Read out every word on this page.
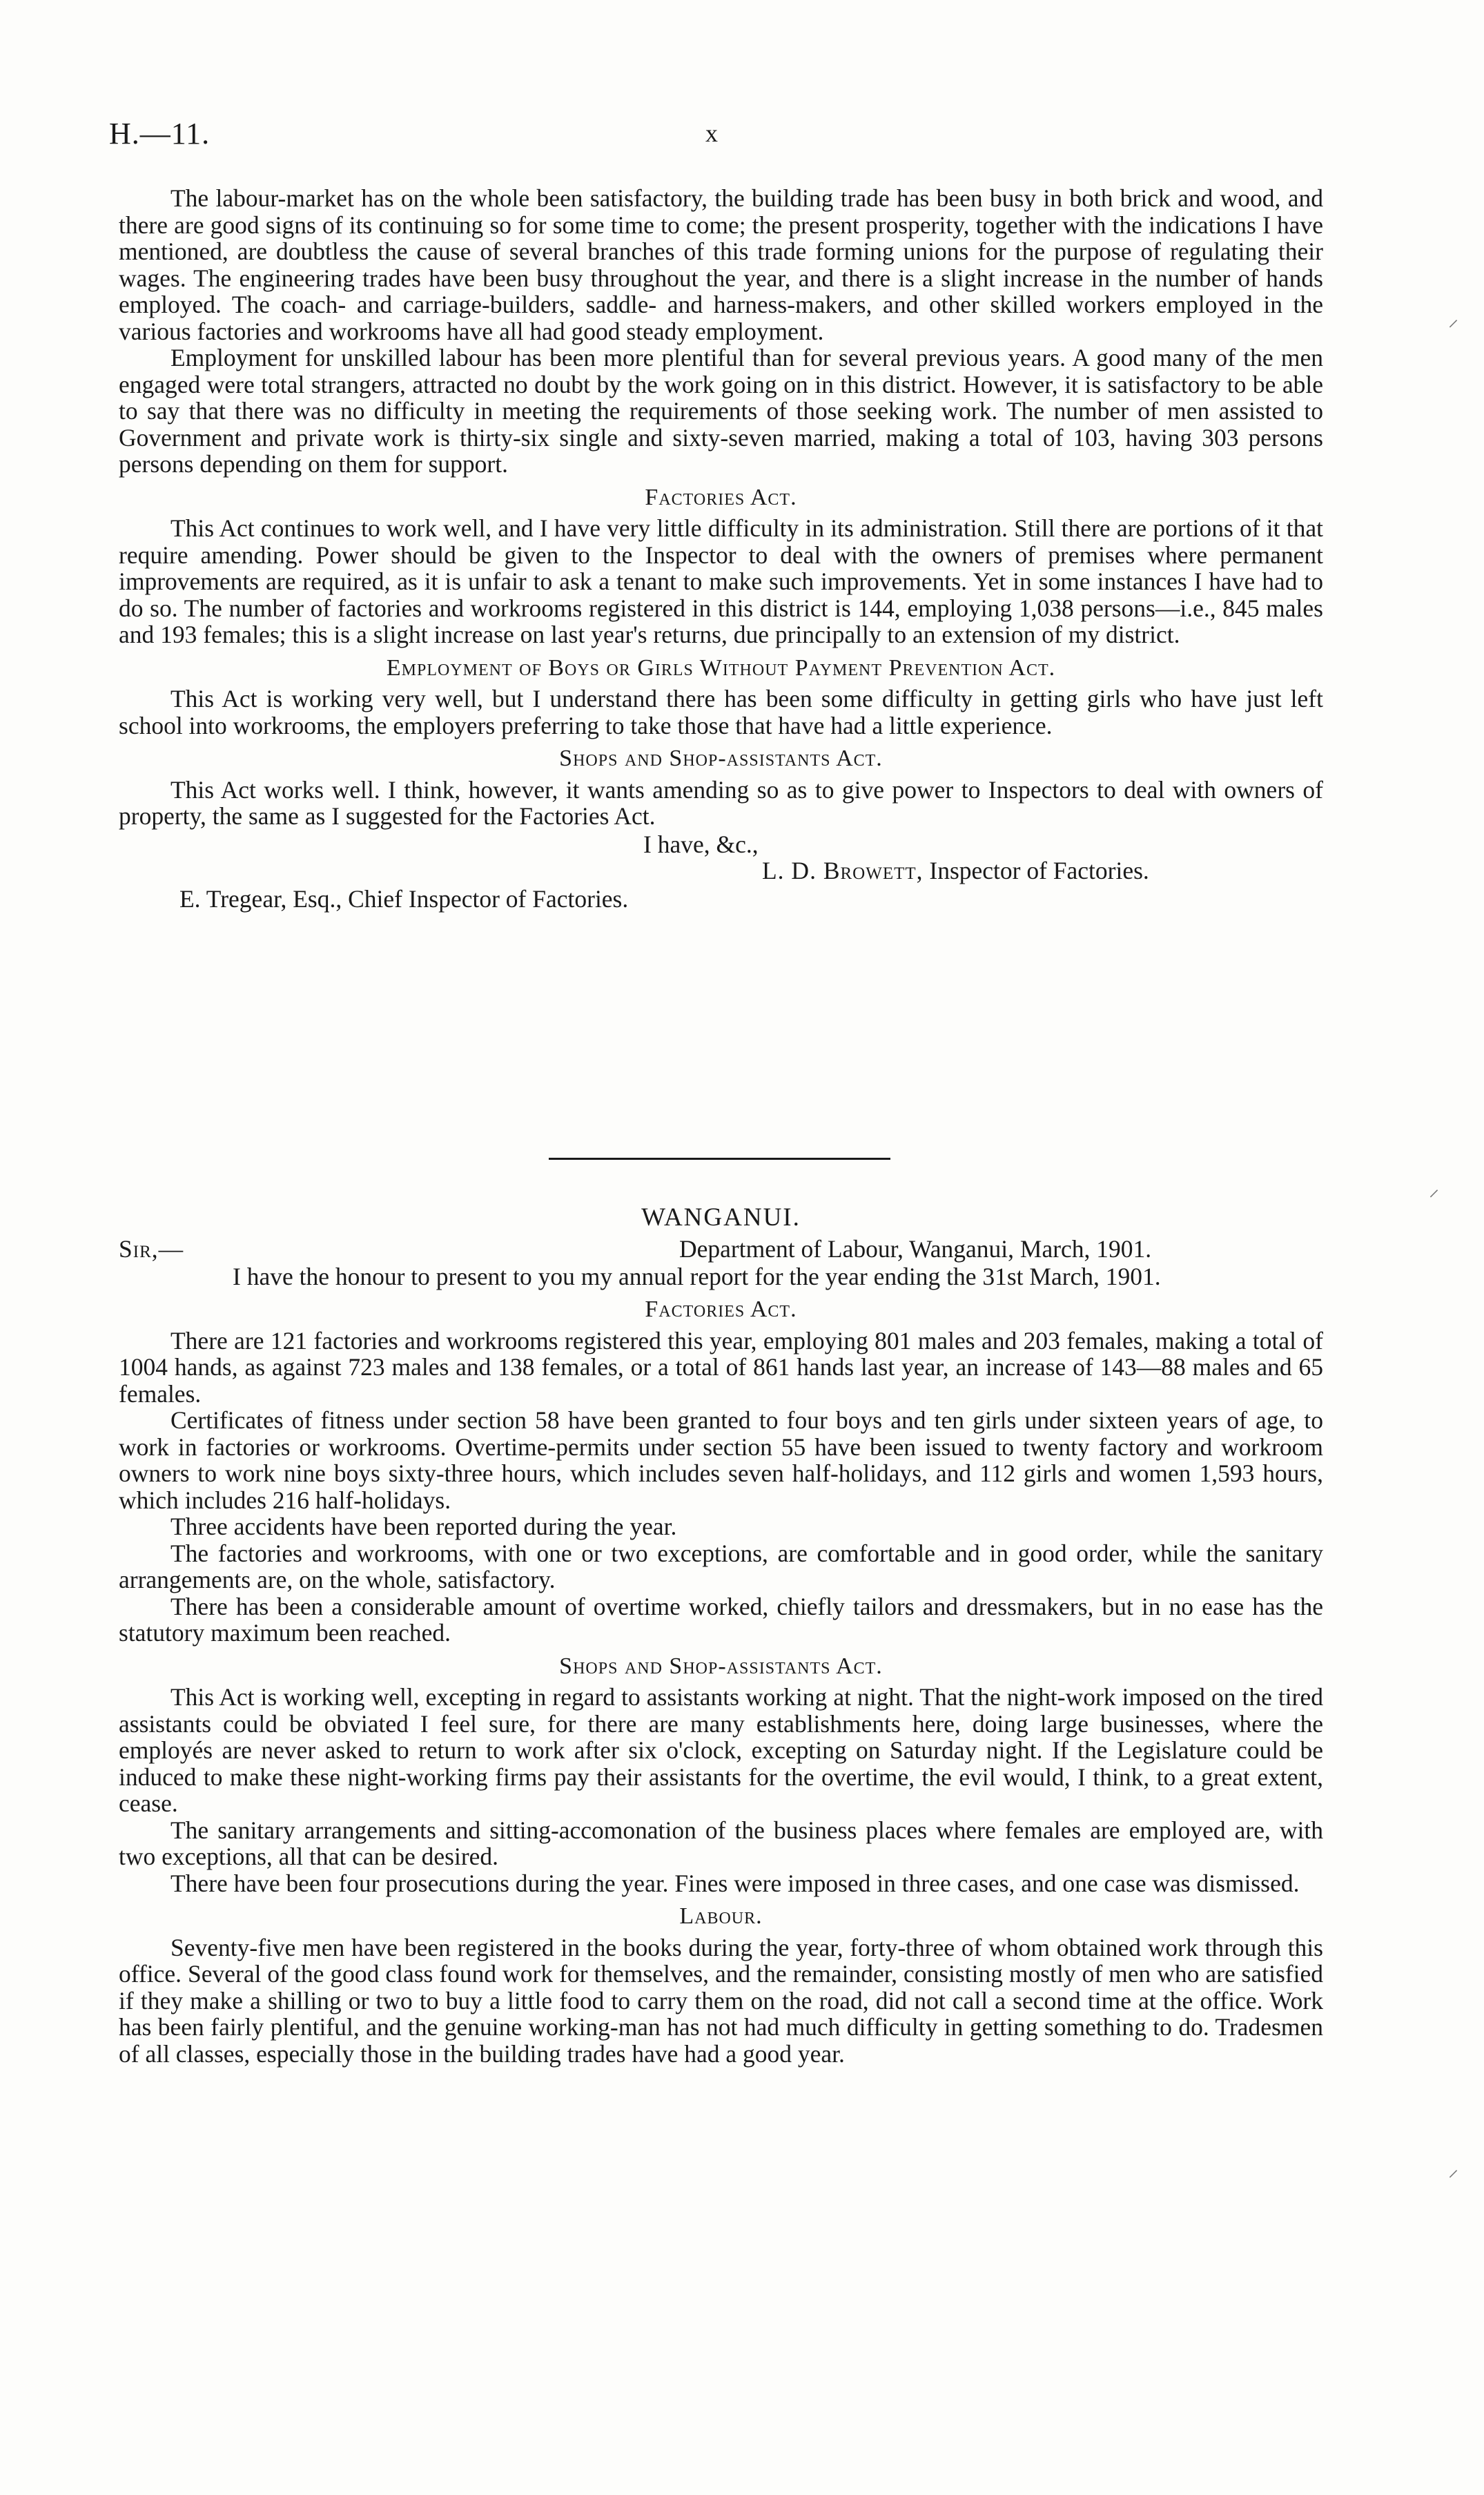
H.—11.	x
⸝
⸝
⸝

The labour-market has on the whole been satisfactory, the building trade has been busy in both brick and wood, and there are good signs of its continuing so for some time to come; the present prosperity, together with the indications I have mentioned, are doubtless the cause of several branches of this trade forming unions for the purpose of regulating their wages. The engineering trades have been busy throughout the year, and there is a slight increase in the number of hands employed. The coach- and carriage-builders, saddle- and harness-makers, and other skilled workers employed in the various factories and workrooms have all had good steady employment.

Employment for unskilled labour has been more plentiful than for several previous years. A good many of the men engaged were total strangers, attracted no doubt by the work going on in this district. However, it is satisfactory to be able to say that there was no difficulty in meeting the requirements of those seeking work. The number of men assisted to Government and private work is thirty-six single and sixty-seven married, making a total of 103, having 303 persons persons depending on them for support.

Factories Act.

This Act continues to work well, and I have very little difficulty in its administration. Still there are portions of it that require amending. Power should be given to the Inspector to deal with the owners of premises where permanent improvements are required, as it is unfair to ask a tenant to make such improvements. Yet in some instances I have had to do so. The number of factories and workrooms registered in this district is 144, employing 1,038 persons—i.e., 845 males and 193 females; this is a slight increase on last year's returns, due principally to an extension of my district.

Employment of Boys or Girls Without Payment Prevention Act.

This Act is working very well, but I understand there has been some difficulty in getting girls who have just left school into workrooms, the employers preferring to take those that have had a little experience.

Shops and Shop-assistants Act.

This Act works well. I think, however, it wants amending so as to give power to Inspectors to deal with owners of property, the same as I suggested for the Factories Act.

I have, &c.,
L. D. Browett, Inspector of Factories.
E. Tregear, Esq., Chief Inspector of Factories.
WANGANUI.
Sir,—	Department of Labour, Wanganui, March, 1901.

I have the honour to present to you my annual report for the year ending the 31st March, 1901.

Factories Act.

There are 121 factories and workrooms registered this year, employing 801 males and 203 females, making a total of 1004 hands, as against 723 males and 138 females, or a total of 861 hands last year, an increase of 143—88 males and 65 females.

Certificates of fitness under section 58 have been granted to four boys and ten girls under sixteen years of age, to work in factories or workrooms. Overtime-permits under section 55 have been issued to twenty factory and workroom owners to work nine boys sixty-three hours, which includes seven half-holidays, and 112 girls and women 1,593 hours, which includes 216 half-holidays.

Three accidents have been reported during the year.

The factories and workrooms, with one or two exceptions, are comfortable and in good order, while the sanitary arrangements are, on the whole, satisfactory.

There has been a considerable amount of overtime worked, chiefly tailors and dressmakers, but in no ease has the statutory maximum been reached.

Shops and Shop-assistants Act.

This Act is working well, excepting in regard to assistants working at night. That the night-work imposed on the tired assistants could be obviated I feel sure, for there are many establishments here, doing large businesses, where the employés are never asked to return to work after six o'clock, excepting on Saturday night. If the Legislature could be induced to make these night-working firms pay their assistants for the overtime, the evil would, I think, to a great extent, cease.

The sanitary arrangements and sitting-accomonation of the business places where females are employed are, with two exceptions, all that can be desired.

There have been four prosecutions during the year. Fines were imposed in three cases, and one case was dismissed.

Labour.

Seventy-five men have been registered in the books during the year, forty-three of whom obtained work through this office. Several of the good class found work for themselves, and the remainder, consisting mostly of men who are satisfied if they make a shilling or two to buy a little food to carry them on the road, did not call a second time at the office. Work has been fairly plentiful, and the genuine working-man has not had much difficulty in getting something to do. Tradesmen of all classes, especially those in the building trades have had a good year.
